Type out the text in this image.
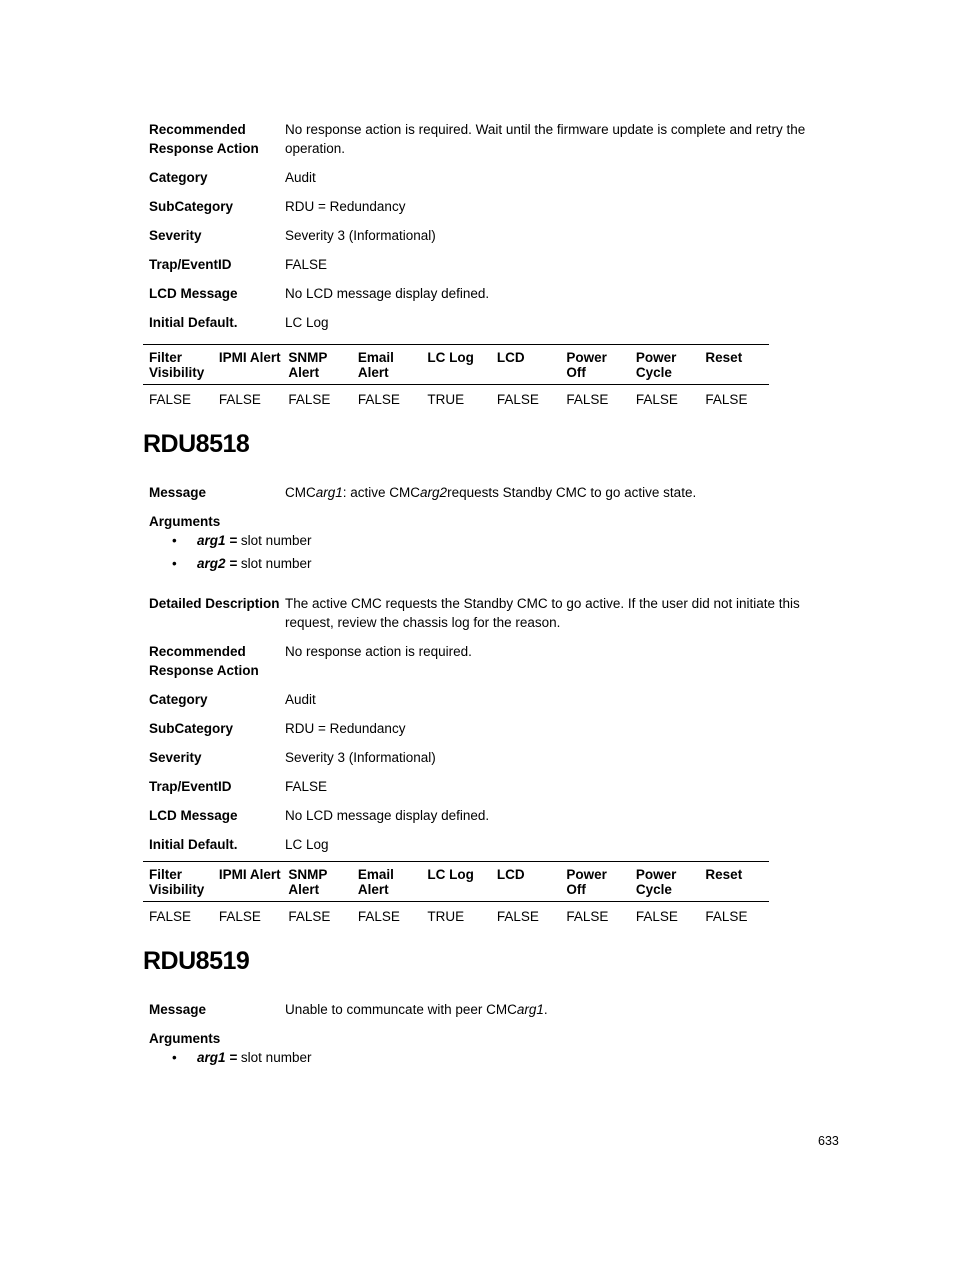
Recommended Response Action
No response action is required. Wait until the firmware update is complete and retry the operation.
Category	Audit
SubCategory	RDU = Redundancy
Severity	Severity 3 (Informational)
Trap/EventID	FALSE
LCD Message	No LCD message display defined.
Initial Default.	LC Log
Filter Visibility	IPMI Alert	SNMP Alert	Email Alert	LC Log	LCD	Power Off	Power Cycle	Reset
FALSE	FALSE	FALSE	FALSE	TRUE	FALSE	FALSE	FALSE	FALSE
RDU8518
Message	CMCarg1: active CMCarg2requests Standby CMC to go active state.
Arguments
• arg1 = slot number
• arg2 = slot number
Detailed Description The active CMC requests the Standby CMC to go active. If the user did not initiate this request, review the chassis log for the reason.
Recommended Response Action
No response action is required.
Category	Audit
SubCategory	RDU = Redundancy
Severity	Severity 3 (Informational)
Trap/EventID	FALSE
LCD Message	No LCD message display defined.
Initial Default.	LC Log
Filter Visibility	IPMI Alert	SNMP Alert	Email Alert	LC Log	LCD	Power Off	Power Cycle	Reset
FALSE	FALSE	FALSE	FALSE	TRUE	FALSE	FALSE	FALSE	FALSE
RDU8519
Message	Unable to communcate with peer CMCarg1.
Arguments
• arg1 = slot number
633
